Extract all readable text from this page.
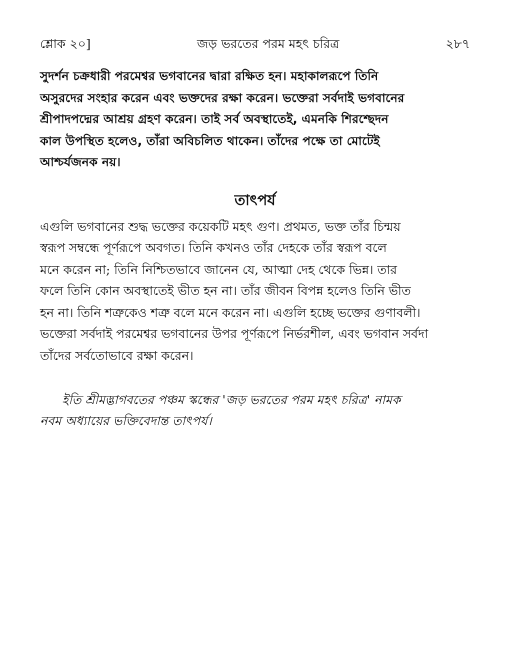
শ্লোক ২০]	জড় ভরতের পরম মহৎ চরিত্র	২৮৭

সুদর্শন চক্রধারী পরমেশ্বর ভগবানের দ্বারা রক্ষিত হন। মহাকালরূপে তিনি
অসুরদের সংহার করেন এবং ভক্তদের রক্ষা করেন। ভক্তেরা সর্বদাই ভগবানের
শ্রীপাদপদ্মের আশ্রয় গ্রহণ করেন। তাই সর্ব অবস্থাতেই, এমনকি শিরশ্ছেদন
কাল উপস্থিত হলেও, তাঁরা অবিচলিত থাকেন। তাঁদের পক্ষে তা মোটেই
আশ্চর্যজনক নয়।

তাৎপর্য

এগুলি ভগবানের শুদ্ধ ভক্তের কয়েকটি মহৎ গুণ। প্রথমত, ভক্ত তাঁর চিন্ময়
স্বরূপ সম্বন্ধে পূর্ণরূপে অবগত। তিনি কখনও তাঁর দেহকে তাঁর স্বরূপ বলে
মনে করেন না; তিনি নিশ্চিতভাবে জানেন যে, আত্মা দেহ থেকে ভিন্ন। তার
ফলে তিনি কোন অবস্থাতেই ভীত হন না। তাঁর জীবন বিপন্ন হলেও তিনি ভীত
হন না। তিনি শত্রুকেও শত্রু বলে মনে করেন না। এগুলি হচ্ছে ভক্তের গুণাবলী।
ভক্তেরা সর্বদাই পরমেশ্বর ভগবানের উপর পূর্ণরূপে নির্ভরশীল, এবং ভগবান সর্বদা
তাঁদের সর্বতোভাবে রক্ষা করেন।

ইতি শ্রীমদ্ভাগবতের পঞ্চম স্কন্ধের 'জড় ভরতের পরম মহৎ চরিত্র' নামক
নবম অধ্যায়ের ভক্তিবেদান্ত তাৎপর্য।
